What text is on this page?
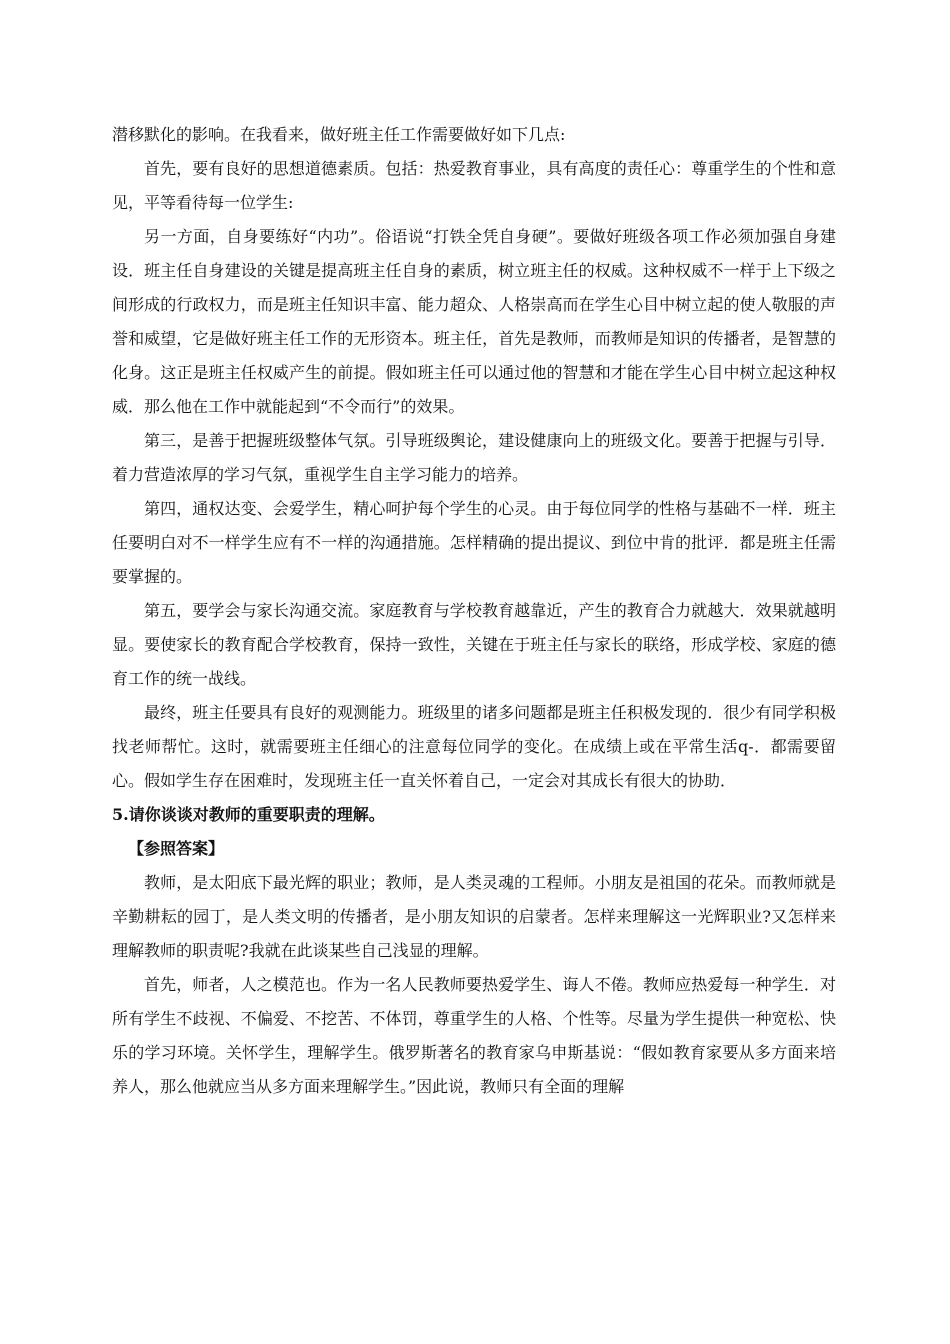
潜移默化的影响。在我看来，做好班主任工作需要做好如下几点:

首先，要有良好的思想道德素质。包括：热爱教育事业，具有高度的责任心：尊重学生的个性和意见，平等看待每一位学生:

另一方面，自身要练好“内功”。俗语说“打铁全凭自身硬”。要做好班级各项工作必须加强自身建设．班主任自身建设的关键是提高班主任自身的素质，树立班主任的权威。这种权威不一样于上下级之间形成的行政权力，而是班主任知识丰富、能力超众、人格崇高而在学生心目中树立起的使人敬服的声誉和威望，它是做好班主任工作的无形资本。班主任，首先是教师，而教师是知识的传播者，是智慧的化身。这正是班主任权威产生的前提。假如班主任可以通过他的智慧和才能在学生心目中树立起这种权威．那么他在工作中就能起到“不令而行”的效果。

第三，是善于把握班级整体气氛。引导班级舆论，建设健康向上的班级文化。要善于把握与引导．着力营造浓厚的学习气氛，重视学生自主学习能力的培养。

第四，通权达变、会爱学生，精心呵护每个学生的心灵。由于每位同学的性格与基础不一样．班主任要明白对不一样学生应有不一样的沟通措施。怎样精确的提出提议、到位中肯的批评．都是班主任需要掌握的。

第五，要学会与家长沟通交流。家庭教育与学校教育越靠近，产生的教育合力就越大．效果就越明显。要使家长的教育配合学校教育，保持一致性，关键在于班主任与家长的联络，形成学校、家庭的德育工作的统一战线。

最终，班主任要具有良好的观测能力。班级里的诸多问题都是班主任积极发现的．很少有同学积极找老师帮忙。这时，就需要班主任细心的注意每位同学的变化。在成绩上或在平常生活q-．都需要留心。假如学生存在困难时，发现班主任一直关怀着自己，一定会对其成长有很大的协助．

5.请你谈谈对教师的重要职责的理解。

【参照答案】

教师，是太阳底下最光辉的职业；教师，是人类灵魂的工程师。小朋友是祖国的花朵。而教师就是辛勤耕耘的园丁，是人类文明的传播者，是小朋友知识的启蒙者。怎样来理解这一光辉职业?又怎样来理解教师的职责呢?我就在此谈某些自己浅显的理解。

首先，师者，人之模范也。作为一名人民教师要热爱学生、诲人不倦。教师应热爱每一种学生．对所有学生不歧视、不偏爱、不挖苦、不体罚，尊重学生的人格、个性等。尽量为学生提供一种宽松、快乐的学习环境。关怀学生，理解学生。俄罗斯著名的教育家乌申斯基说：“假如教育家要从多方面来培养人，那么他就应当从多方面来理解学生。”因此说，教师只有全面的理解
